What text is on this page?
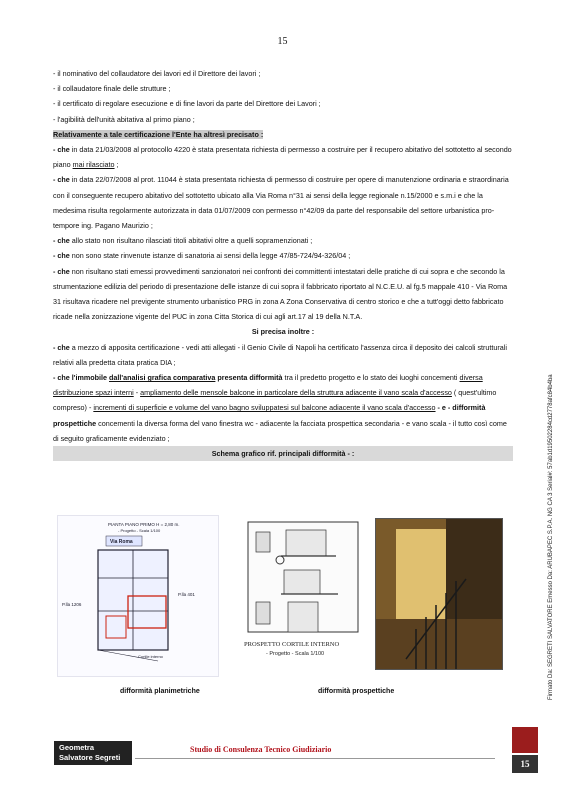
15

- il nominativo del collaudatore dei lavori ed il Direttore dei lavori ;

- il collaudatore finale delle strutture ;

- il certificato di regolare esecuzione e di fine lavori da parte del Direttore dei Lavori ;

- l'agibilità dell'unità abitativa al primo piano ;

Relativamente a tale certificazione l'Ente ha altresì precisato :

- che in data 21/03/2008 al protocollo 4220 è stata presentata richiesta di permesso a costruire per il recupero abitativo del sottotetto al secondo piano mai rilasciato ;

- che in data 22/07/2008 al prot. 11044 è stata presentata richiesta di permesso di costruire per opere di manutenzione ordinaria e straordinaria con il conseguente recupero abitativo del sottotetto ubicato alla Via Roma n°31 ai sensi della legge regionale n.15/2000 e s.m.i e che la medesima risulta regolarmente autorizzata in data 01/07/2009 con permesso n°42/09 da parte del responsabile del settore urbanistica pro-tempore ing. Pagano Maurizio ;

- che allo stato non risultano rilasciati titoli abitativi oltre a quelli sopramenzionati ;

- che non sono state rinvenute istanze di sanatoria ai sensi della legge 47/85-724/94-326/04 ;

- che non risultano stati emessi provvedimenti sanzionatori nei confronti dei committenti intestatari delle pratiche di cui sopra e che secondo la strumentazione edilizia del periodo di presentazione delle istanze di cui sopra il fabbricato riportato al N.C.E.U. al fg.5 mappale 410 - Via Roma 31 risultava ricadere nel previgente strumento urbanistico PRG in zona A Zona Conservativa di centro storico e che a tutt'oggi detto fabbricato ricade nella zonizzazione vigente del PUC in zona Citta Storica di cui agli art.17 al 19 della N.T.A.

Si precisa inoltre :

- che a mezzo di apposita certificazione - vedi atti allegati - il Genio Civile di Napoli ha certificato l'assenza circa il deposito dei calcoli strutturali relativi alla predetta citata pratica DIA ;

- che l'immobile dall'analisi grafica comparativa presenta difformità tra il predetto progetto e lo stato dei luoghi concementi diversa distribuzione spazi interni - ampliamento delle mensole balcone in particolare della struttura adiacente il vano scala d'accesso ( quest'ultimo compreso) - incrementi di superficie e volume del vano bagno sviluppatesi sul balcone adiacente il vano scala d'accesso - e - difformità prospettiche concementi la diversa forma del vano finestra wc - adiacente la facciata prospettica secondaria - e vano scala - il tutto così come di seguito graficamente evidenziato ;

Schema grafico rif. principali difformità - :

PIANTA PIANO PRIMO H = 2,80 m.
- Progetto - Scala 1/100
Via Roma
P.lla 1206
P.lla 401
Cortile interno
PROSPETTO CORTILE INTERNO
- Progetto - Scala 1/100
difformità planimetriche	difformità prospettiche
Geometra
Salvatore Segreti
Studio di Consulenza Tecnico Giudiziario
15
Firmato Da: SEGRETI SALVATORE Emesso Da: ARUBAPEC S.P.A. NG CA 3 Serial#: 57ab1d19502284cd2778afc84b4ba
